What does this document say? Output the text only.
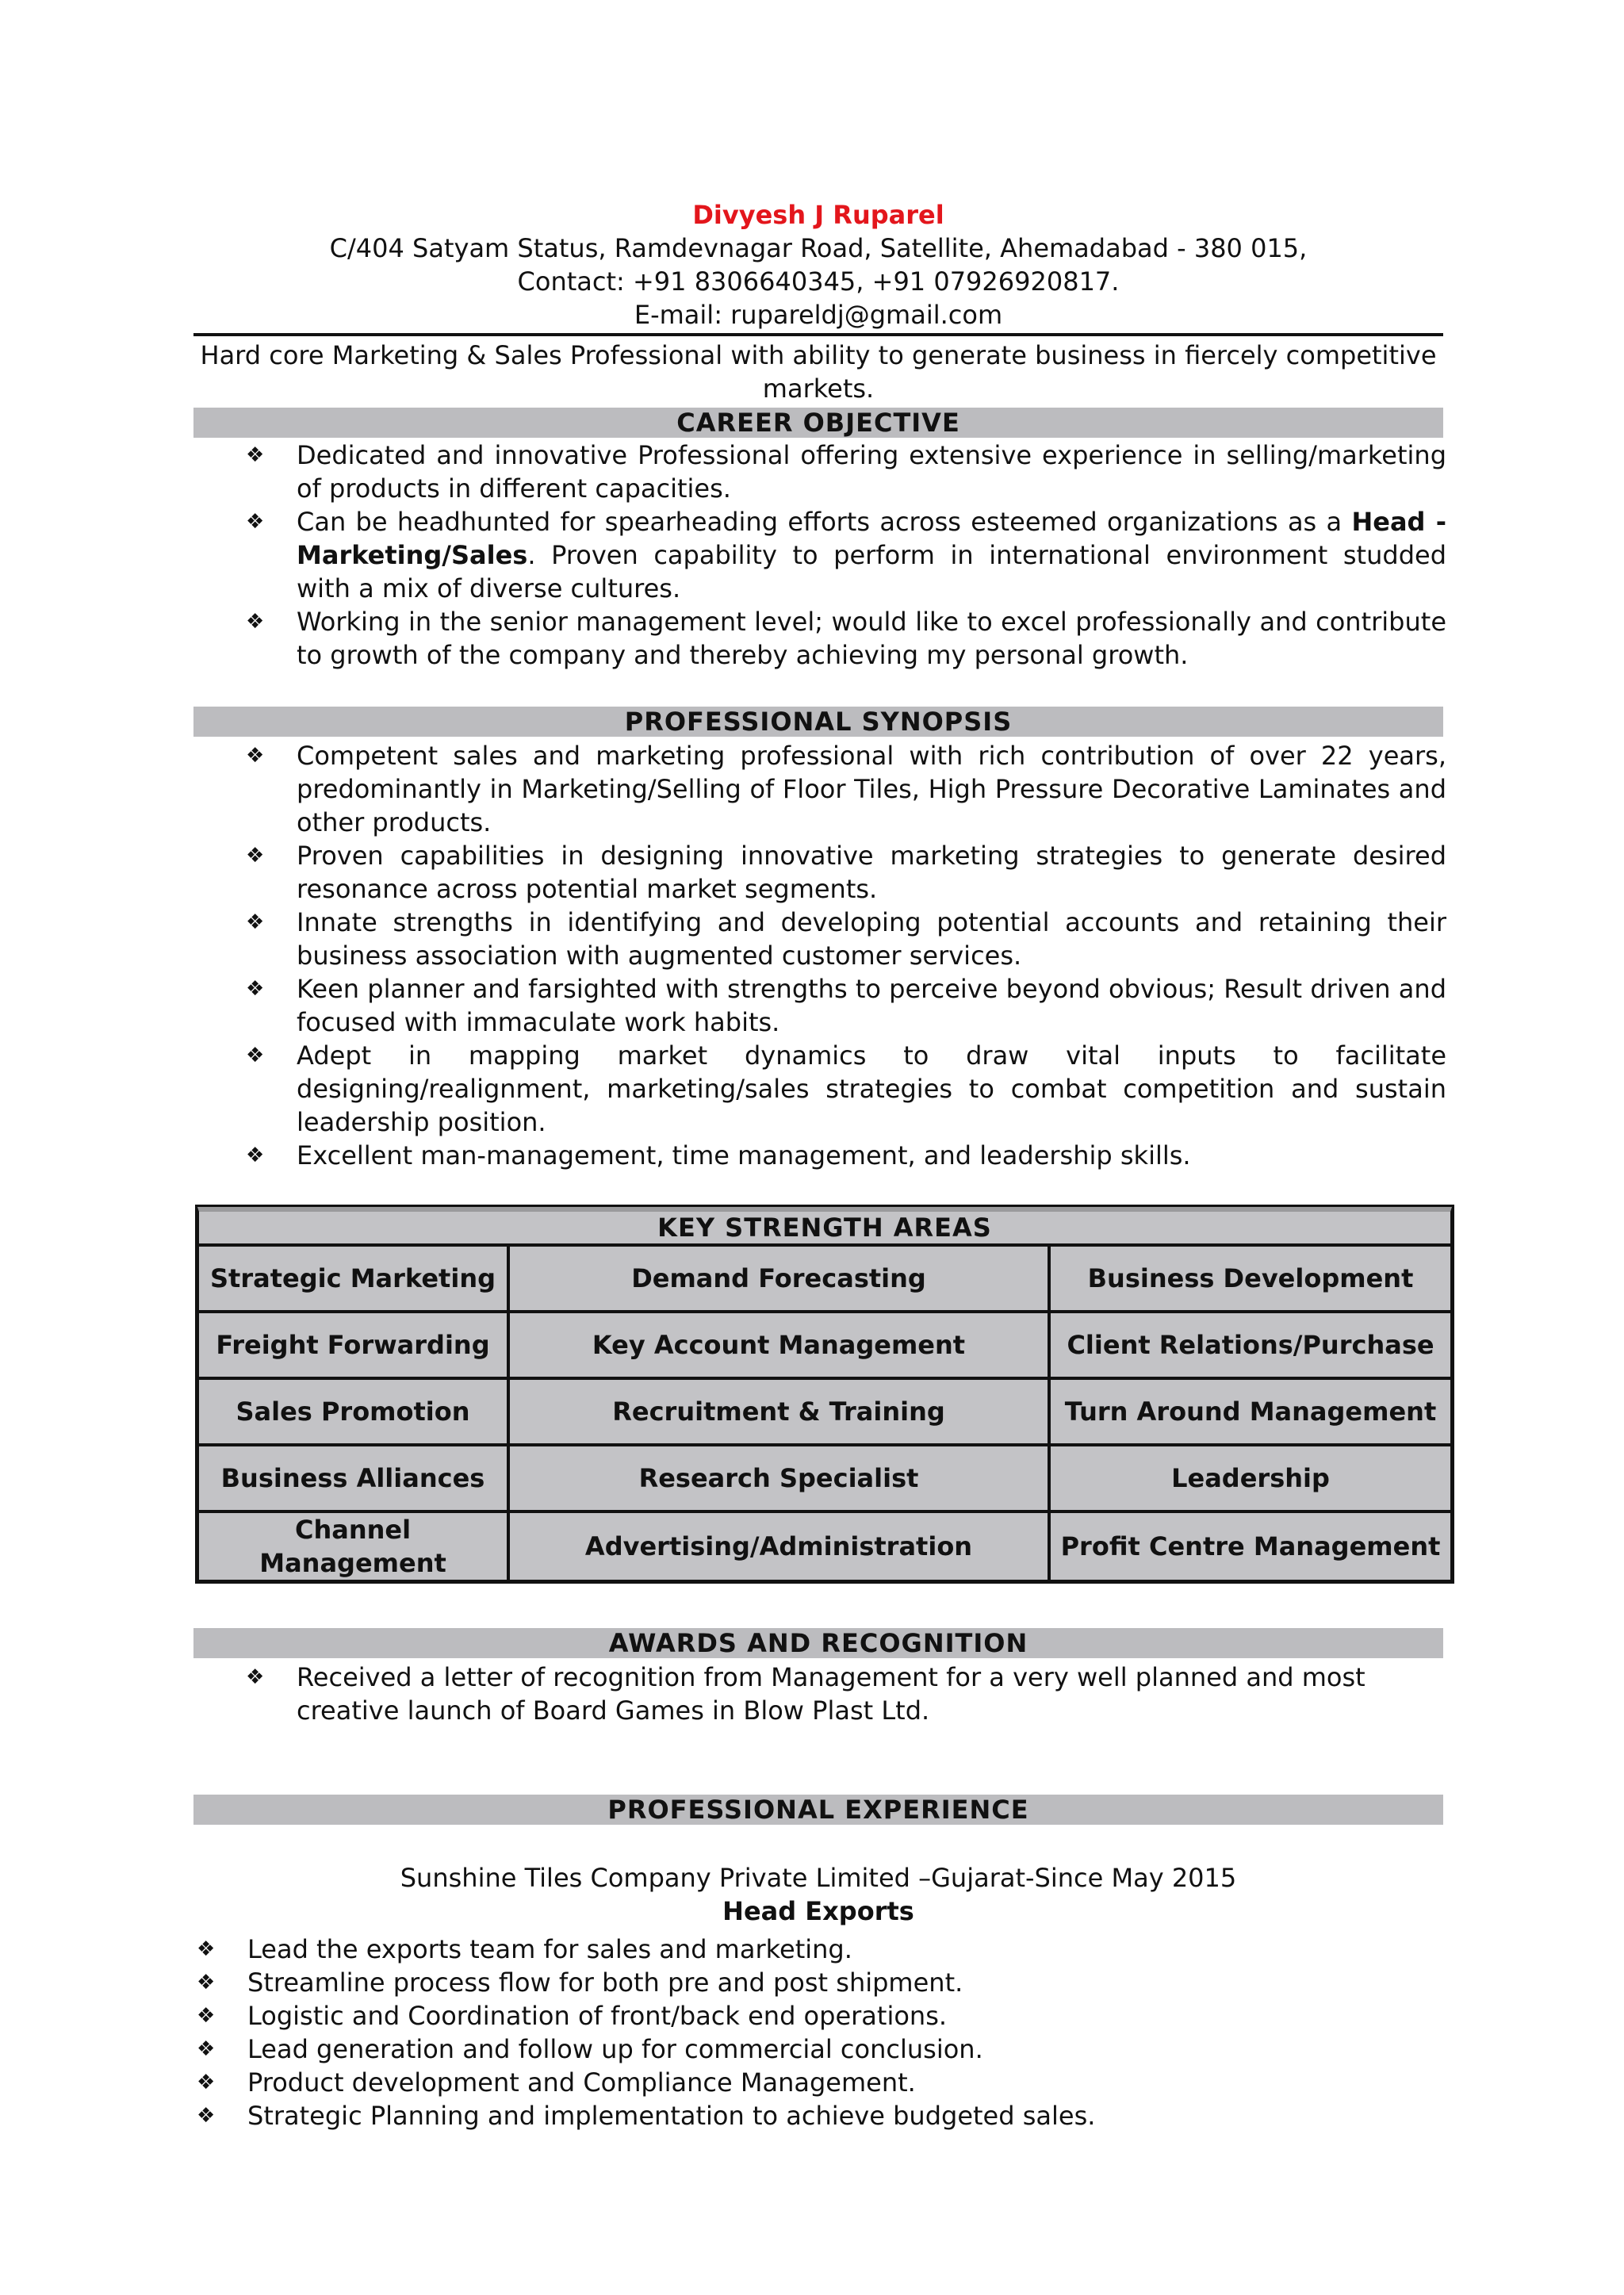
Divyesh J Ruparel
C/404 Satyam Status, Ramdevnagar Road, Satellite, Ahemadabad - 380 015,
Contact: +91 8306640345, +91 07926920817.
E-mail: rupareldj@gmail.com
Hard core Marketing & Sales Professional with ability to generate business in fiercely competitive markets.
CAREER OBJECTIVE
❖ Dedicated and innovative Professional offering extensive experience in selling/marketing of products in different capacities.
❖ Can be headhunted for spearheading efforts across esteemed organizations as a Head - Marketing/Sales. Proven capability to perform in international environment studded with a mix of diverse cultures.
❖ Working in the senior management level; would like to excel professionally and contribute to growth of the company and thereby achieving my personal growth.
PROFESSIONAL SYNOPSIS
❖ Competent sales and marketing professional with rich contribution of over 22 years, predominantly in Marketing/Selling of Floor Tiles, High Pressure Decorative Laminates and other products.
❖ Proven capabilities in designing innovative marketing strategies to generate desired resonance across potential market segments.
❖ Innate strengths in identifying and developing potential accounts and retaining their business association with augmented customer services.
❖ Keen planner and farsighted with strengths to perceive beyond obvious; Result driven and focused with immaculate work habits.
❖ Adept in mapping market dynamics to draw vital inputs to facilitate designing/realignment, marketing/sales strategies to combat competition and sustain leadership position.
❖ Excellent man-management, time management, and leadership skills.
KEY STRENGTH AREAS		
Strategic Marketing	Demand Forecasting	Business Development
Freight Forwarding	Key Account Management	Client Relations/Purchase
Sales Promotion	Recruitment & Training	Turn Around Management
Business Alliances	Research Specialist	Leadership
Channel Management	Advertising/Administration	Profit Centre Management
AWARDS AND RECOGNITION
❖ Received a letter of recognition from Management for a very well planned and most creative launch of Board Games in Blow Plast Ltd.
PROFESSIONAL EXPERIENCE
Sunshine Tiles Company Private Limited –Gujarat-Since May 2015
Head Exports
❖ Lead the exports team for sales and marketing.
❖ Streamline process flow for both pre and post shipment.
❖ Logistic and Coordination of front/back end operations.
❖ Lead generation and follow up for commercial conclusion.
❖ Product development and Compliance Management.
❖ Strategic Planning and implementation to achieve budgeted sales.
